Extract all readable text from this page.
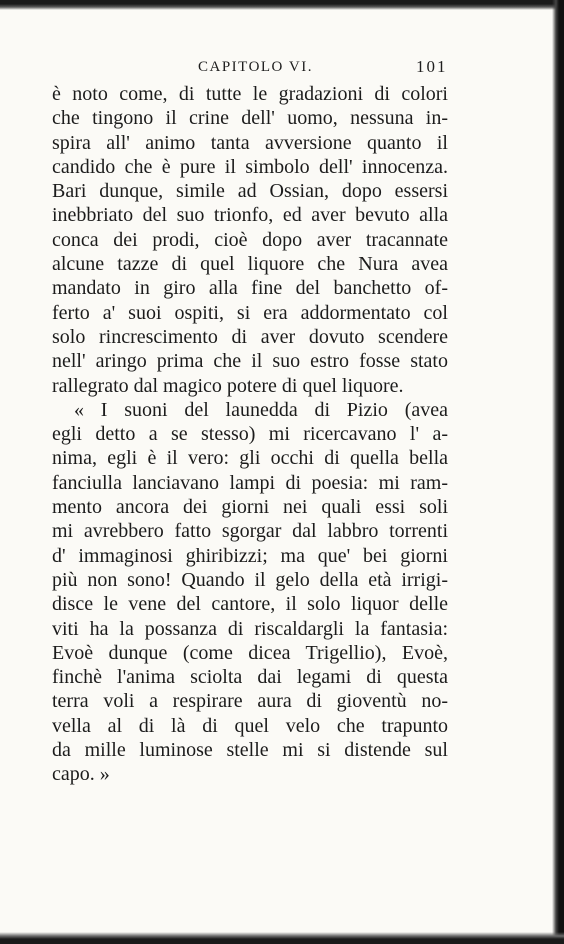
CAPITOLO VI.	101
è noto come, di tutte le gradazioni di colori
che tingono il crine dell' uomo, nessuna in-
spira all' animo tanta avversione quanto il
candido che è pure il simbolo dell' innocenza.
Bari dunque, simile ad Ossian, dopo essersi
inebbriato del suo trionfo, ed aver bevuto alla
conca dei prodi, cioè dopo aver tracannate
alcune tazze di quel liquore che Nura avea
mandato in giro alla fine del banchetto of-
ferto a' suoi ospiti, si era addormentato col
solo rincrescimento di aver dovuto scendere
nell' aringo prima che il suo estro fosse stato
rallegrato dal magico potere di quel liquore.
« I suoni del launedda di Pizio (avea
egli detto a se stesso) mi ricercavano l' a-
nima, egli è il vero: gli occhi di quella bella
fanciulla lanciavano lampi di poesia: mi ram-
mento ancora dei giorni nei quali essi soli
mi avrebbero fatto sgorgar dal labbro torrenti
d' immaginosi ghiribizzi; ma que' bei giorni
più non sono! Quando il gelo della età irrigi-
disce le vene del cantore, il solo liquor delle
viti ha la possanza di riscaldargli la fantasia:
Evoè dunque (come dicea Trigellio), Evoè,
finchè l'anima sciolta dai legami di questa
terra voli a respirare aura di gioventù no-
vella al di là di quel velo che trapunto
da mille luminose stelle mi si distende sul
capo. »
